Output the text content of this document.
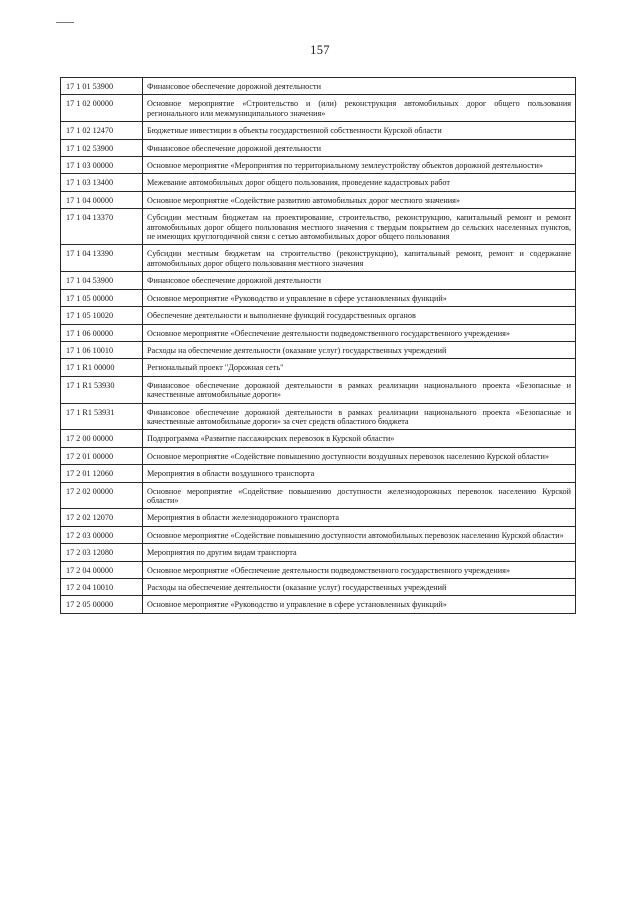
157
17 1 01 53900	Финансовое обеспечение дорожной деятельности
17 1 02 00000	Основное мероприятие «Строительство и (или) реконструкция автомобильных дорог общего пользования регионального или межмуниципального значения»
17 1 02 12470	Бюджетные инвестиции в объекты государственной собственности Курской области
17 1 02 53900	Финансовое обеспечение дорожной деятельности
17 1 03 00000	Основное мероприятие «Мероприятия по территориальному землеустройству объектов дорожной деятельности»
17 1 03 13400	Межевание автомобильных дорог общего пользования, проведение кадастровых работ
17 1 04 00000	Основное мероприятие «Содействие развитию автомобильных дорог местного значения»
17 1 04 13370	Субсидии местным бюджетам на проектирование, строительство, реконструкцию, капитальный ремонт и ремонт автомобильных дорог общего пользования местного значения с твердым покрытием до сельских населенных пунктов, не имеющих круглогодичной связи с сетью автомобильных дорог общего пользования
17 1 04 13390	Субсидии местным бюджетам на строительство (реконструкцию), капитальный ремонт, ремонт и содержание автомобильных дорог общего пользования местного значения
17 1 04 53900	Финансовое обеспечение дорожной деятельности
17 1 05 00000	Основное мероприятие «Руководство и управление в сфере установленных функций»
17 1 05 10020	Обеспечение деятельности и выполнение функций государственных органов
17 1 06 00000	Основное мероприятие «Обеспечение деятельности подведомственного государственного учреждения»
17 1 06 10010	Расходы на обеспечение деятельности (оказание услуг) государственных учреждений
17 1 R1 00000	Региональный проект "Дорожная сеть"
17 1 R1 53930	Финансовое обеспечение дорожной деятельности в рамках реализации национального проекта «Безопасные и качественные автомобильные дороги»
17 1 R1 53931	Финансовое обеспечение дорожной деятельности в рамках реализации национального проекта «Безопасные и качественные автомобильные дороги» за счет средств областного бюджета
17 2 00 00000	Подпрограмма «Развитие пассажирских перевозок в Курской области»
17 2 01 00000	Основное мероприятие «Содействие повышению доступности воздушных перевозок населению Курской области»
17 2 01 12060	Мероприятия в области воздушного транспорта
17 2 02 00000	Основное мероприятие «Содействие повышению доступности железнодорожных перевозок населению Курской области»
17 2 02 12070	Мероприятия в области железнодорожного транспорта
17 2 03 00000	Основное мероприятие «Содействие повышению доступности автомобильных перевозок населению Курской области»
17 2 03 12080	Мероприятия по другим видам транспорта
17 2 04 00000	Основное мероприятие «Обеспечение деятельности подведомственного государственного учреждения»
17 2 04 10010	Расходы на обеспечение деятельности (оказание услуг) государственных учреждений
17 2 05 00000	Основное мероприятие «Руководство и управление в сфере установленных функций»
